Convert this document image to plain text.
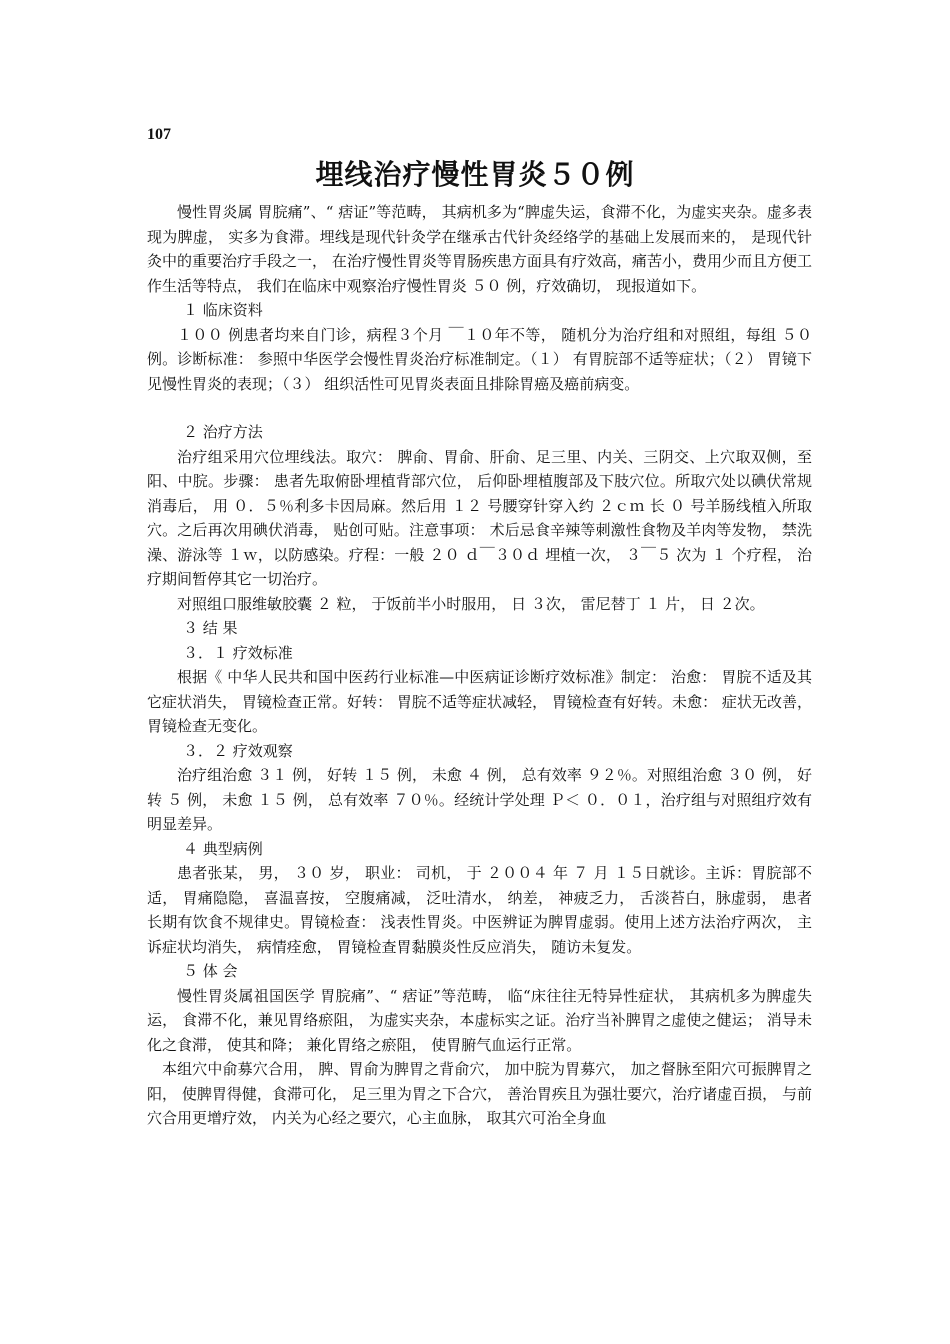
107
埋线治疗慢性胃炎５０例

慢性胃炎属 胃脘痛”、“ 痞证”等范畴， 其病机多为“脾虚失运，食滞不化，为虚实夹杂。虚多表现为脾虚， 实多为食滞。埋线是现代针灸学在继承古代针灸经络学的基础上发展而来的， 是现代针灸中的重要治疗手段之一， 在治疗慢性胃炎等胃肠疾患方面具有疗效高，痛苦小，费用少而且方便工作生活等特点， 我们在临床中观察治疗慢性胃炎 ５０ 例，疗效确切， 现报道如下。

１ 临床资料

１００ 例患者均来自门诊，病程３个月 ￣１０年不等， 随机分为治疗组和对照组，每组 ５０ 例。诊断标准： 参照中华医学会慢性胃炎治疗标准制定。（１） 有胃脘部不适等症状；（２） 胃镜下见慢性胃炎的表现；（３） 组织活性可见胃炎表面且排除胃癌及癌前病变。

２ 治疗方法

治疗组采用穴位埋线法。取穴： 脾俞、胃俞、肝俞、足三里、内关、三阴交、上穴取双侧，至阳、中脘。步骤： 患者先取俯卧埋植背部穴位， 后仰卧埋植腹部及下肢穴位。所取穴处以碘伏常规消毒后， 用 ０．５％利多卡因局麻。然后用 １２ 号腰穿针穿入约 ２ｃｍ 长 ０ 号羊肠线植入所取穴。之后再次用碘伏消毒， 贴创可贴。注意事项： 术后忌食辛辣等刺激性食物及羊肉等发物， 禁洗澡、游泳等 １ｗ，以防感染。疗程：一般 ２０ ｄ￣３０ｄ 埋植一次， ３￣５ 次为 １ 个疗程， 治疗期间暂停其它一切治疗。

对照组口服维敏胶囊 ２ 粒， 于饭前半小时服用， 日 ３次， 雷尼替丁 １ 片， 日 ２次。

３ 结 果

３．１ 疗效标准

根据《 中华人民共和国中医药行业标准—中医病证诊断疗效标准》制定： 治愈： 胃脘不适及其它症状消失， 胃镜检查正常。好转： 胃脘不适等症状减轻， 胃镜检查有好转。未愈： 症状无改善， 胃镜检查无变化。

３．２ 疗效观察

治疗组治愈 ３１ 例， 好转 １５ 例， 未愈 ４ 例， 总有效率 ９２％。对照组治愈 ３０ 例， 好转 ５ 例， 未愈 １５ 例， 总有效率 ７０％。经统计学处理 Ｐ＜ ０．０１，治疗组与对照组疗效有明显差异。

４ 典型病例

患者张某， 男， ３０ 岁， 职业： 司机， 于 ２００４ 年 ７ 月 １５日就诊。主诉：胃脘部不适， 胃痛隐隐， 喜温喜按， 空腹痛减， 泛吐清水， 纳差， 神疲乏力， 舌淡苔白，脉虚弱， 患者长期有饮食不规律史。胃镜检查： 浅表性胃炎。中医辨证为脾胃虚弱。使用上述方法治疗两次， 主诉症状均消失， 病情痊愈， 胃镜检查胃黏膜炎性反应消失， 随访未复发。

５ 体 会

慢性胃炎属祖国医学 胃脘痛”、“ 痞证”等范畴， 临“床往往无特异性症状， 其病机多为脾虚失运， 食滞不化，兼见胃络瘀阻， 为虚实夹杂，本虚标实之证。治疗当补脾胃之虚使之健运； 消导未化之食滞， 使其和降； 兼化胃络之瘀阻， 使胃腑气血运行正常。

本组穴中俞募穴合用， 脾、胃俞为脾胃之背俞穴， 加中脘为胃募穴， 加之督脉至阳穴可振脾胃之阳， 使脾胃得健，食滞可化， 足三里为胃之下合穴， 善治胃疾且为强壮要穴，治疗诸虚百损， 与前穴合用更增疗效， 内关为心经之要穴，心主血脉， 取其穴可治全身血
